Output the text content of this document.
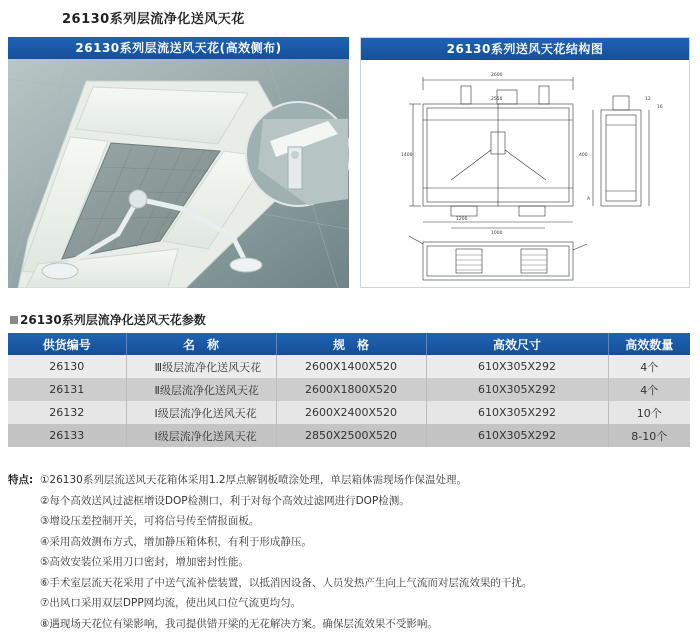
26130系列层流净化送风天花
26130系列层流送风天花(高效侧布)	26130系列送风天花结构图
2600
2550
1200
1000
1400	400
12
16
A
26130系列层流净化送风天花参数
供货编号	名　称	规　格	高效尺寸	高效数量
26130	Ⅲ级层流净化送风天花	2600X1400X520	610X305X292	4个
26131	Ⅱ级层流净化送风天花	2600X1800X520	610X305X292	4个
26132	Ⅰ级层流净化送风天花	2600X2400X520	610X305X292	10个
26133	Ⅰ级层流净化送风天花	2850X2500X520	610X305X292	8-10个
特点: ①26130系列层流送风天花箱体采用1.2厚点解钢板喷涂处理，单层箱体需现场作保温处理。
②每个高效送风过滤框增设DOP检测口，利于对每个高效过滤网进行DOP检测。
③增设压差控制开关，可将信号传至情报面板。
④采用高效测布方式，增加静压箱体积，有利于形成静压。
⑤高效安装位采用刀口密封，增加密封性能。
⑥手术室层流天花采用了中送气流补偿装置，以抵消因设备、人员发热产生向上气流而对层流效果的干扰。
⑦出风口采用双层DPP网均流，使出风口位气流更均匀。
⑧遇现场天花位有梁影响，我司提供错开梁的无花解决方案。确保层流效果不受影响。
